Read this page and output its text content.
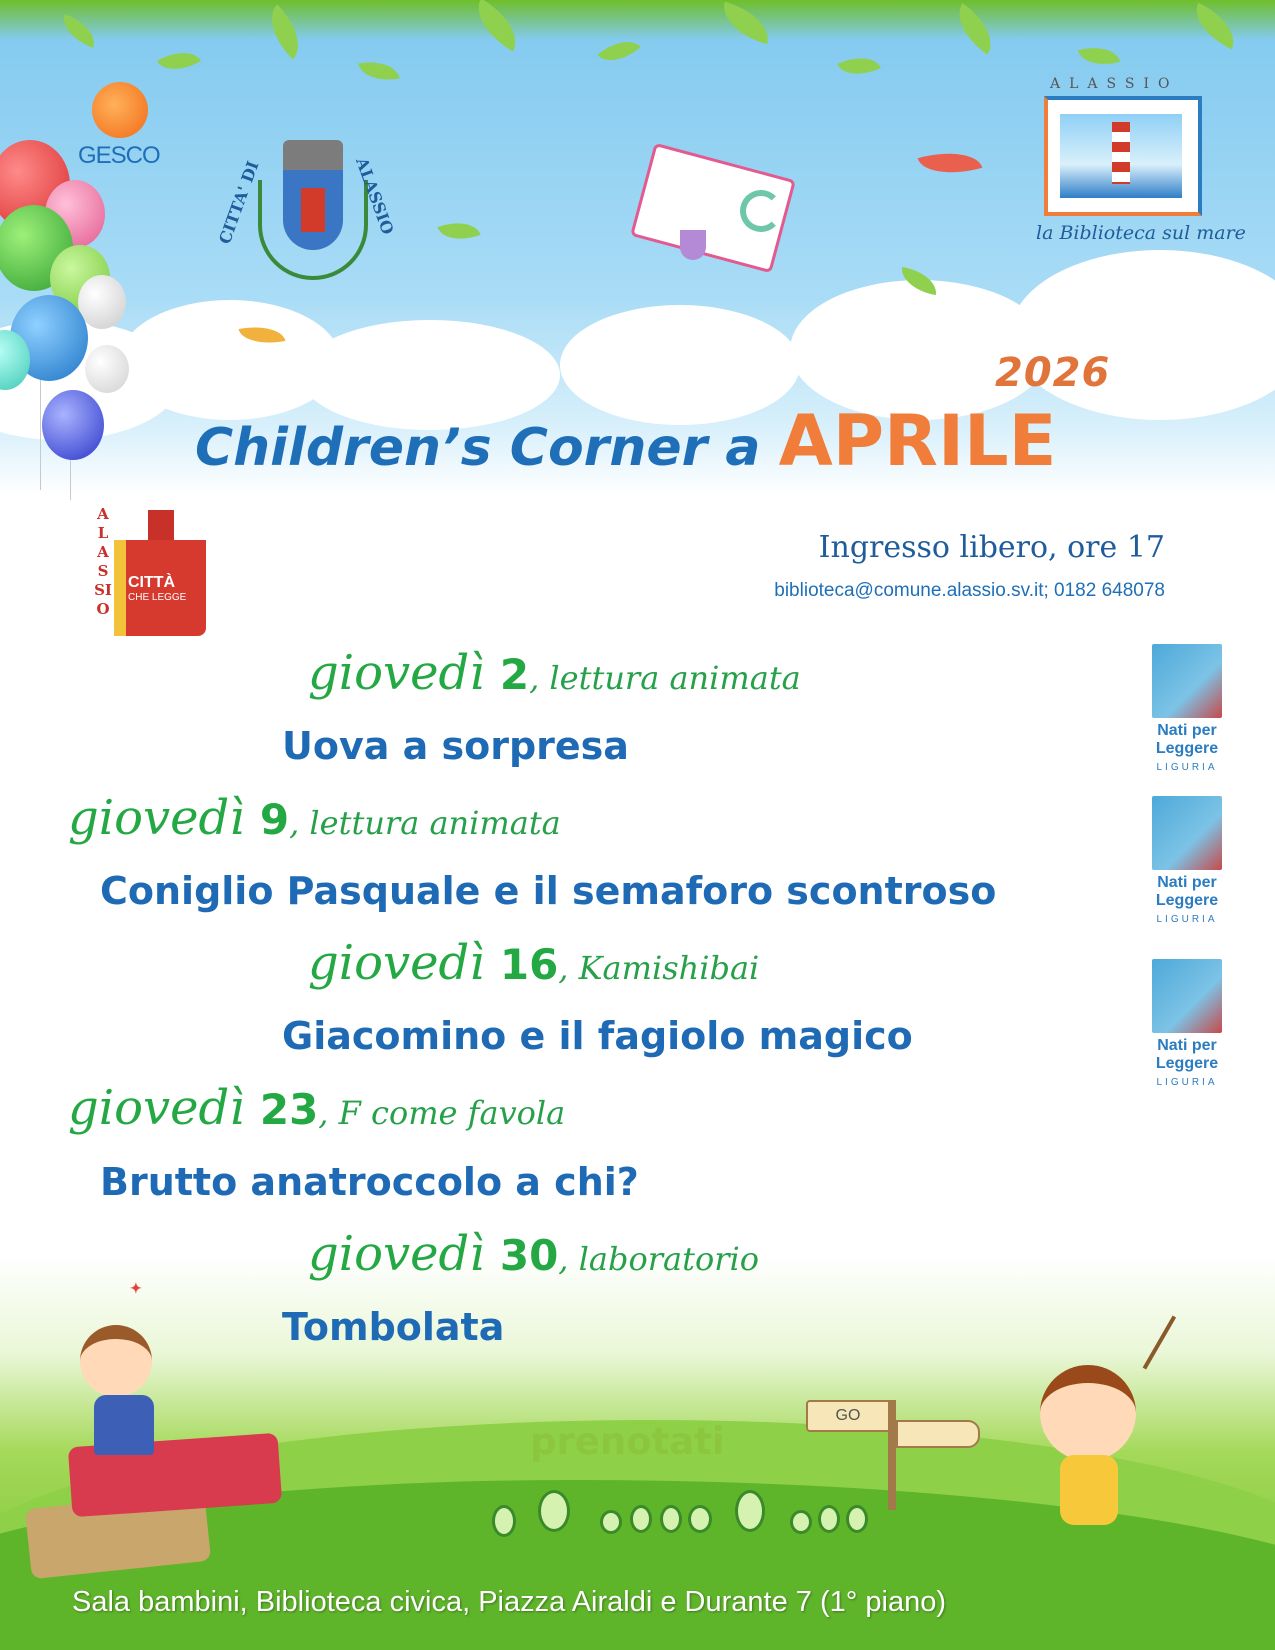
GESCO
CITTA' DI	ALASSIO
ALASSIO
la Biblioteca sul mare
2026
Children’s Corner a APRILE
ALASSIO
CITTÀ
CHE LEGGE
Ingresso libero, ore 17
biblioteca@comune.alassio.sv.it; 0182 648078
giovedì 2, lettura animata
Uova a sorpresa
giovedì 9, lettura animata
Coniglio Pasquale e il semaforo scontroso
giovedì 16, Kamishibai
Giacomino e il fagiolo magico
giovedì 23, F come favola
Brutto anatroccolo a chi?
giovedì 30, laboratorio
Tombolata
Nati per
Leggere
LIGURIA
Nati per
Leggere
LIGURIA
Nati per
Leggere
LIGURIA
GO
✦
prenotati
Sala bambini, Biblioteca civica, Piazza Airaldi e Durante 7 (1° piano)
